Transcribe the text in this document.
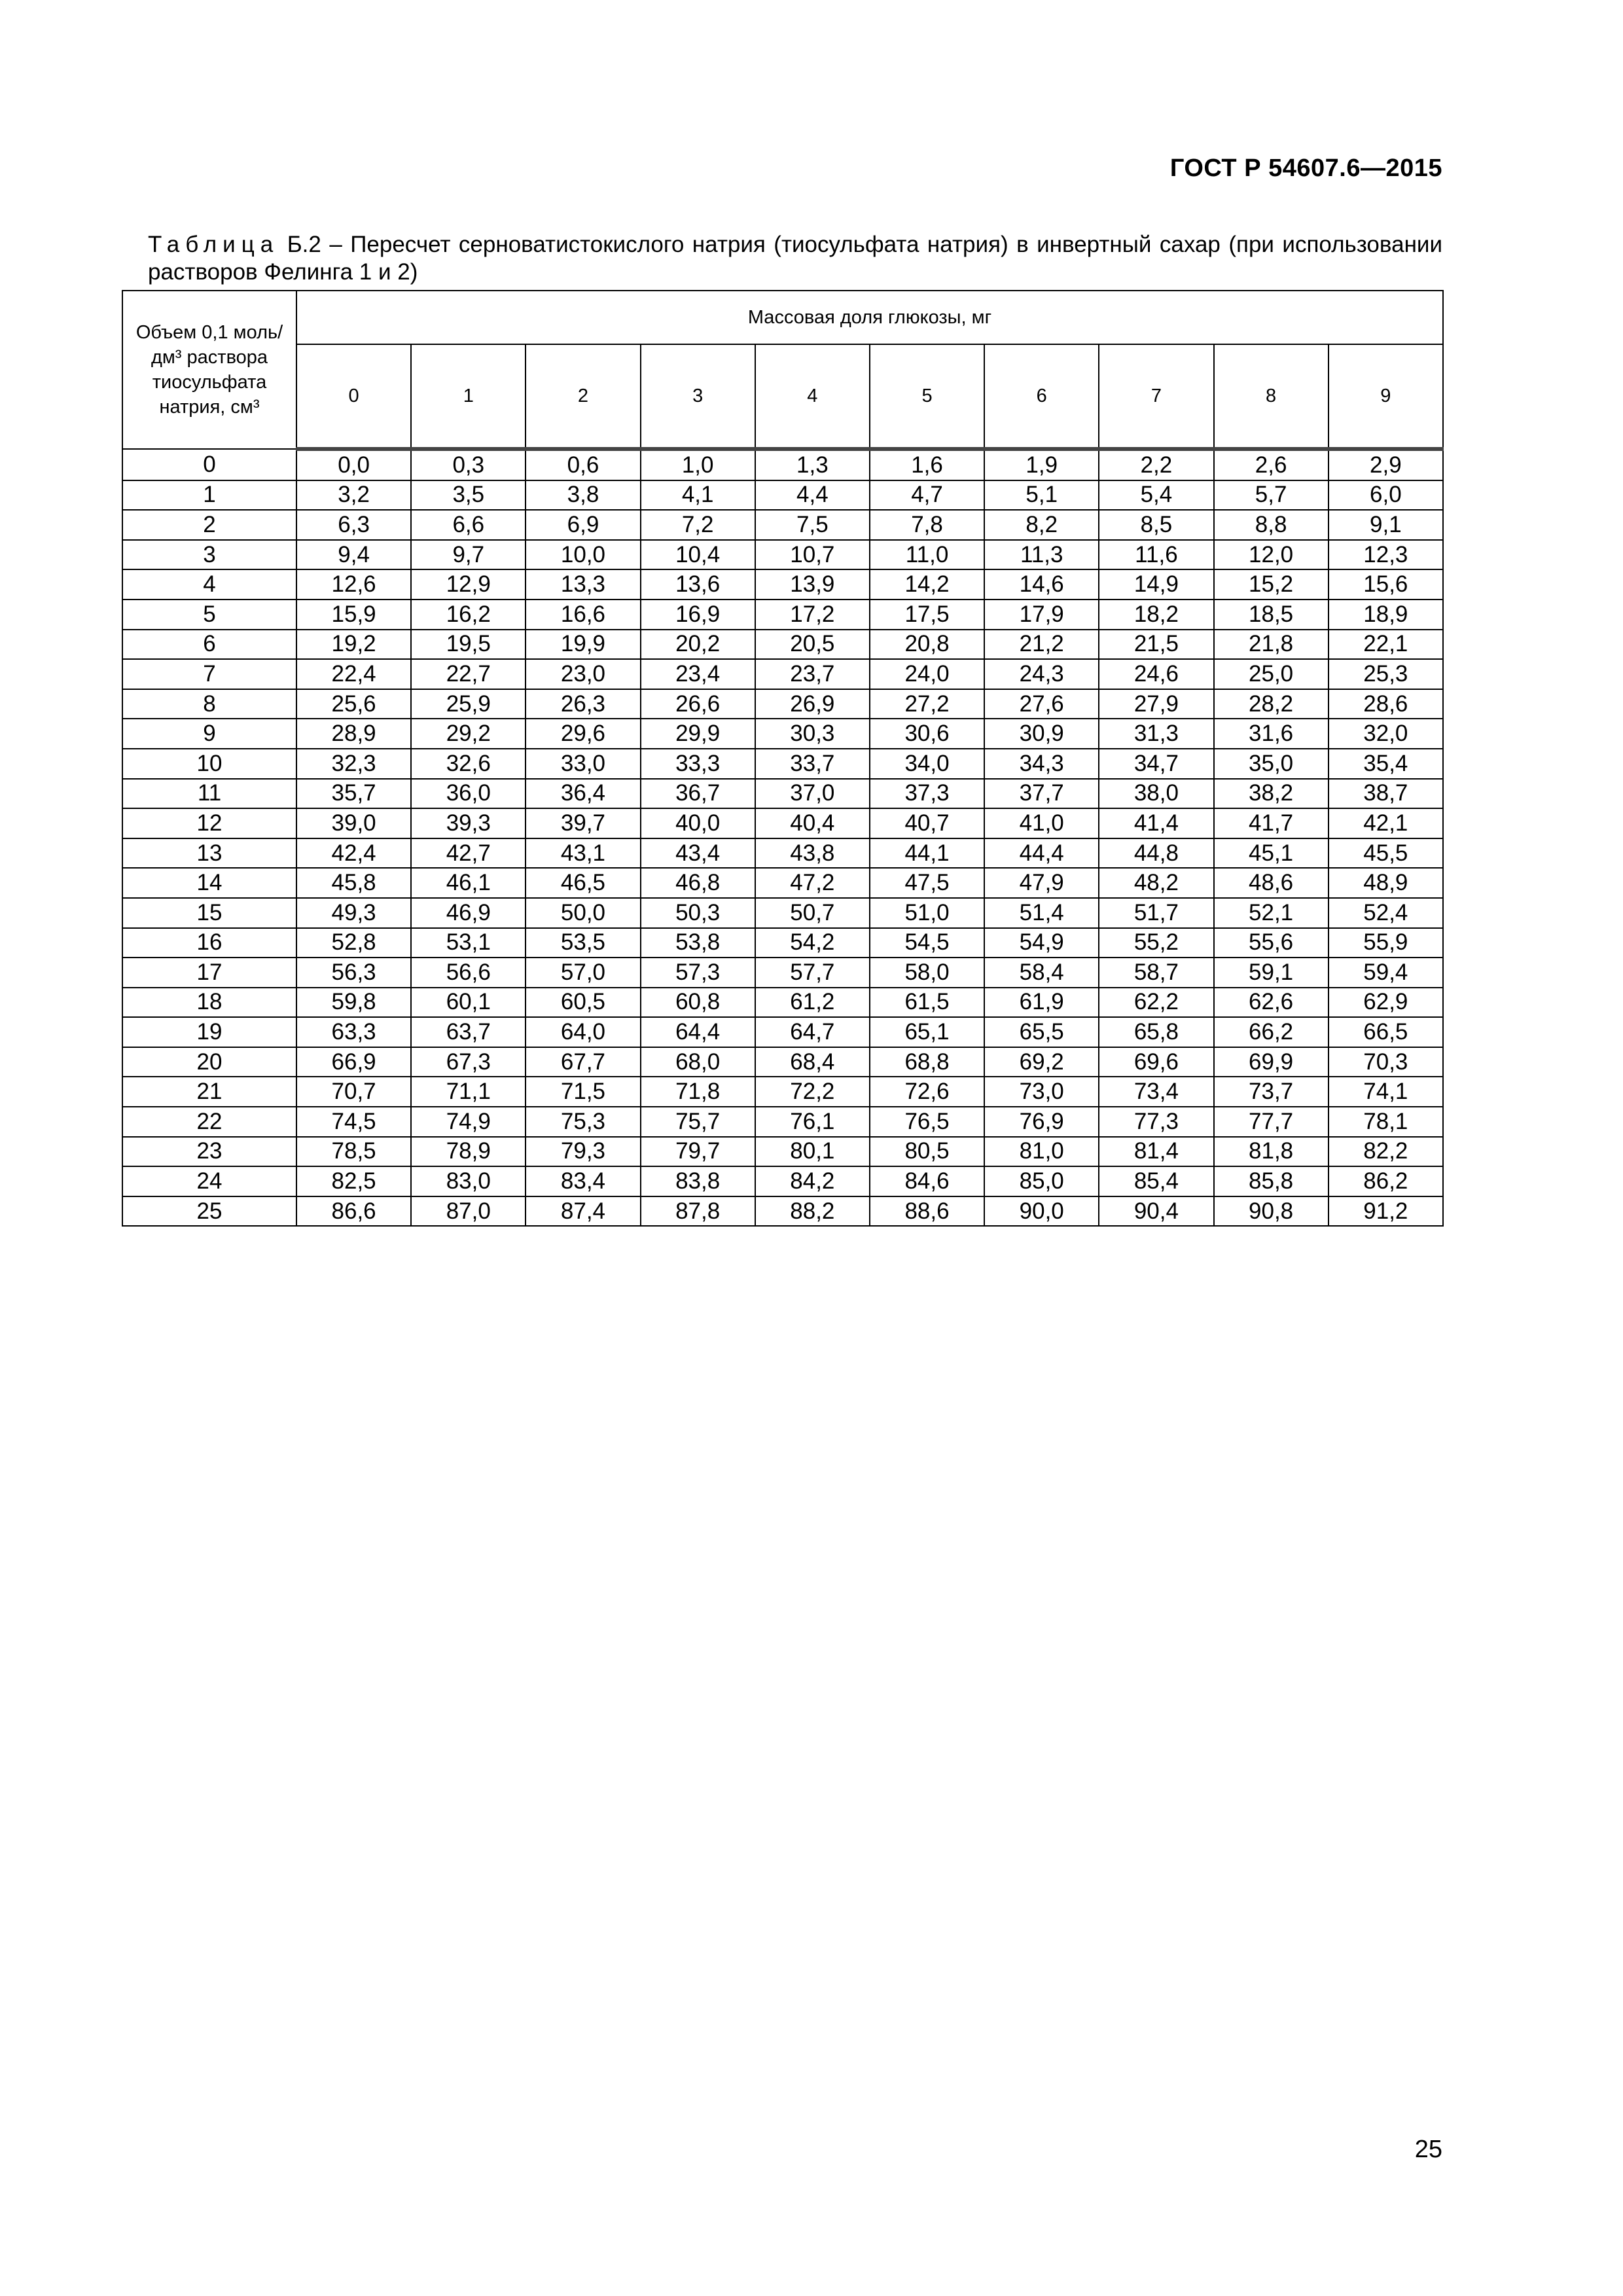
ГОСТ Р 54607.6—2015
Таблица Б.2 – Пересчет серноватистокислого натрия (тиосульфата натрия) в инвертный сахар (при использовании растворов Фелинга 1 и 2)
Объем 0,1 моль/дм³ раствора тиосульфата натрия, см³	Массовая доля глюкозы, мг									
	0	1	2	3	4	5	6	7	8	9
0	0,0	0,3	0,6	1,0	1,3	1,6	1,9	2,2	2,6	2,9
1	3,2	3,5	3,8	4,1	4,4	4,7	5,1	5,4	5,7	6,0
2	6,3	6,6	6,9	7,2	7,5	7,8	8,2	8,5	8,8	9,1
3	9,4	9,7	10,0	10,4	10,7	11,0	11,3	11,6	12,0	12,3
4	12,6	12,9	13,3	13,6	13,9	14,2	14,6	14,9	15,2	15,6
5	15,9	16,2	16,6	16,9	17,2	17,5	17,9	18,2	18,5	18,9
6	19,2	19,5	19,9	20,2	20,5	20,8	21,2	21,5	21,8	22,1
7	22,4	22,7	23,0	23,4	23,7	24,0	24,3	24,6	25,0	25,3
8	25,6	25,9	26,3	26,6	26,9	27,2	27,6	27,9	28,2	28,6
9	28,9	29,2	29,6	29,9	30,3	30,6	30,9	31,3	31,6	32,0
10	32,3	32,6	33,0	33,3	33,7	34,0	34,3	34,7	35,0	35,4
11	35,7	36,0	36,4	36,7	37,0	37,3	37,7	38,0	38,2	38,7
12	39,0	39,3	39,7	40,0	40,4	40,7	41,0	41,4	41,7	42,1
13	42,4	42,7	43,1	43,4	43,8	44,1	44,4	44,8	45,1	45,5
14	45,8	46,1	46,5	46,8	47,2	47,5	47,9	48,2	48,6	48,9
15	49,3	46,9	50,0	50,3	50,7	51,0	51,4	51,7	52,1	52,4
16	52,8	53,1	53,5	53,8	54,2	54,5	54,9	55,2	55,6	55,9
17	56,3	56,6	57,0	57,3	57,7	58,0	58,4	58,7	59,1	59,4
18	59,8	60,1	60,5	60,8	61,2	61,5	61,9	62,2	62,6	62,9
19	63,3	63,7	64,0	64,4	64,7	65,1	65,5	65,8	66,2	66,5
20	66,9	67,3	67,7	68,0	68,4	68,8	69,2	69,6	69,9	70,3
21	70,7	71,1	71,5	71,8	72,2	72,6	73,0	73,4	73,7	74,1
22	74,5	74,9	75,3	75,7	76,1	76,5	76,9	77,3	77,7	78,1
23	78,5	78,9	79,3	79,7	80,1	80,5	81,0	81,4	81,8	82,2
24	82,5	83,0	83,4	83,8	84,2	84,6	85,0	85,4	85,8	86,2
25	86,6	87,0	87,4	87,8	88,2	88,6	90,0	90,4	90,8	91,2
25
